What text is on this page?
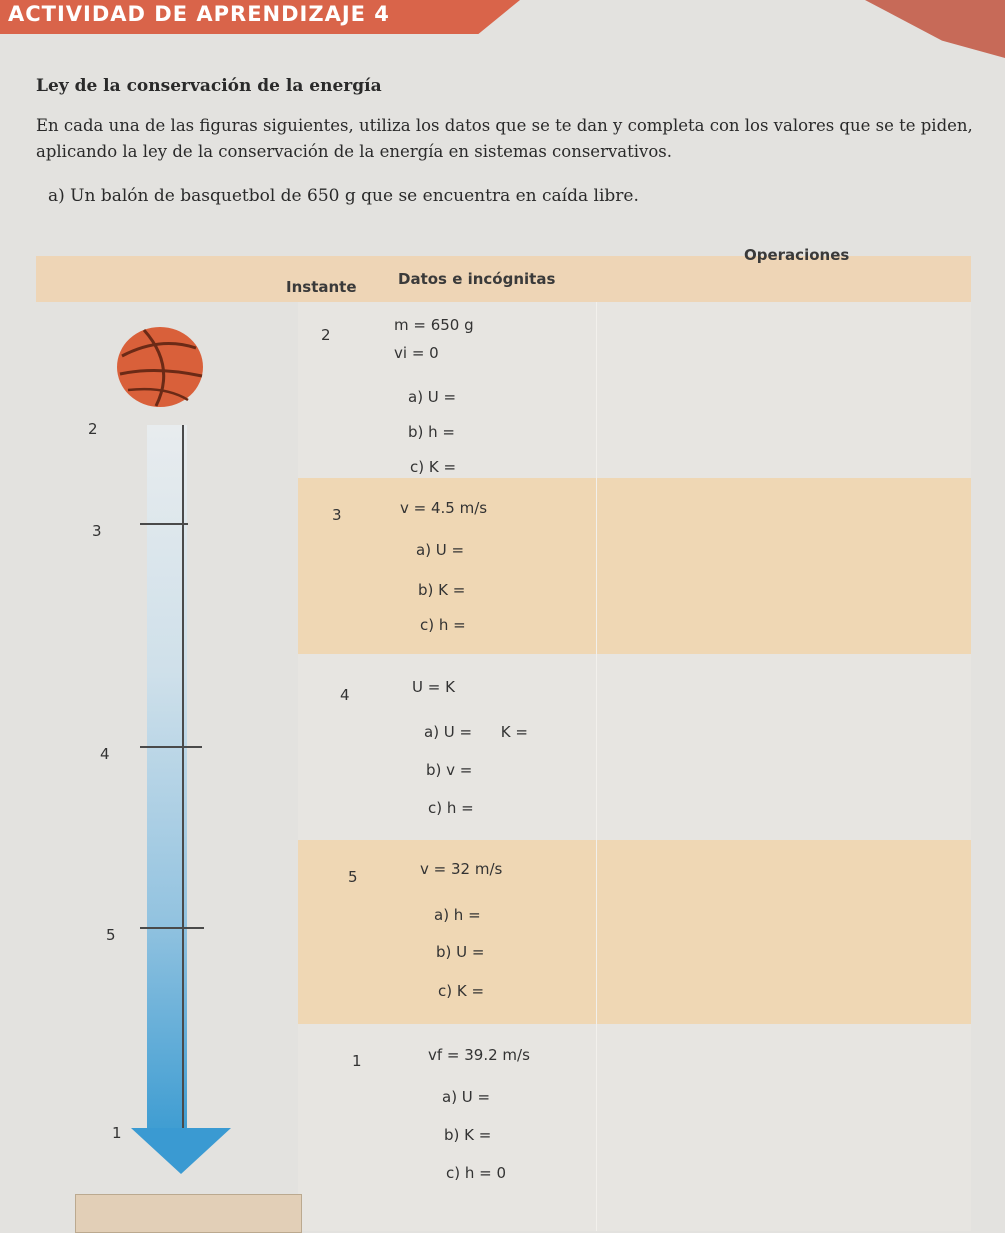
ACTIVIDAD DE APRENDIZAJE 4
Ley de la conservación de la energía
En cada una de las figuras siguientes, utiliza los datos que se te dan y completa con los valores que se te piden, aplicando la ley de la conservación de la energía en sistemas conservativos.
a) Un balón de basquetbol de 650 g que se encuentra en caída libre.
Instante	Datos e incógnitas
Operaciones
2
m = 650 g
vi = 0
a) U =
b) h =
c) K =
3	v = 4.5 m/s
a) U =
b) K =
c) h =
4	U = K
a) U =      K =
b) v =
c) h =
5	v = 32 m/s
a) h =
b) U =
c) K =
1	vf = 39.2 m/s
a) U =
b) K =
c) h = 0
2
3
4
5
1
